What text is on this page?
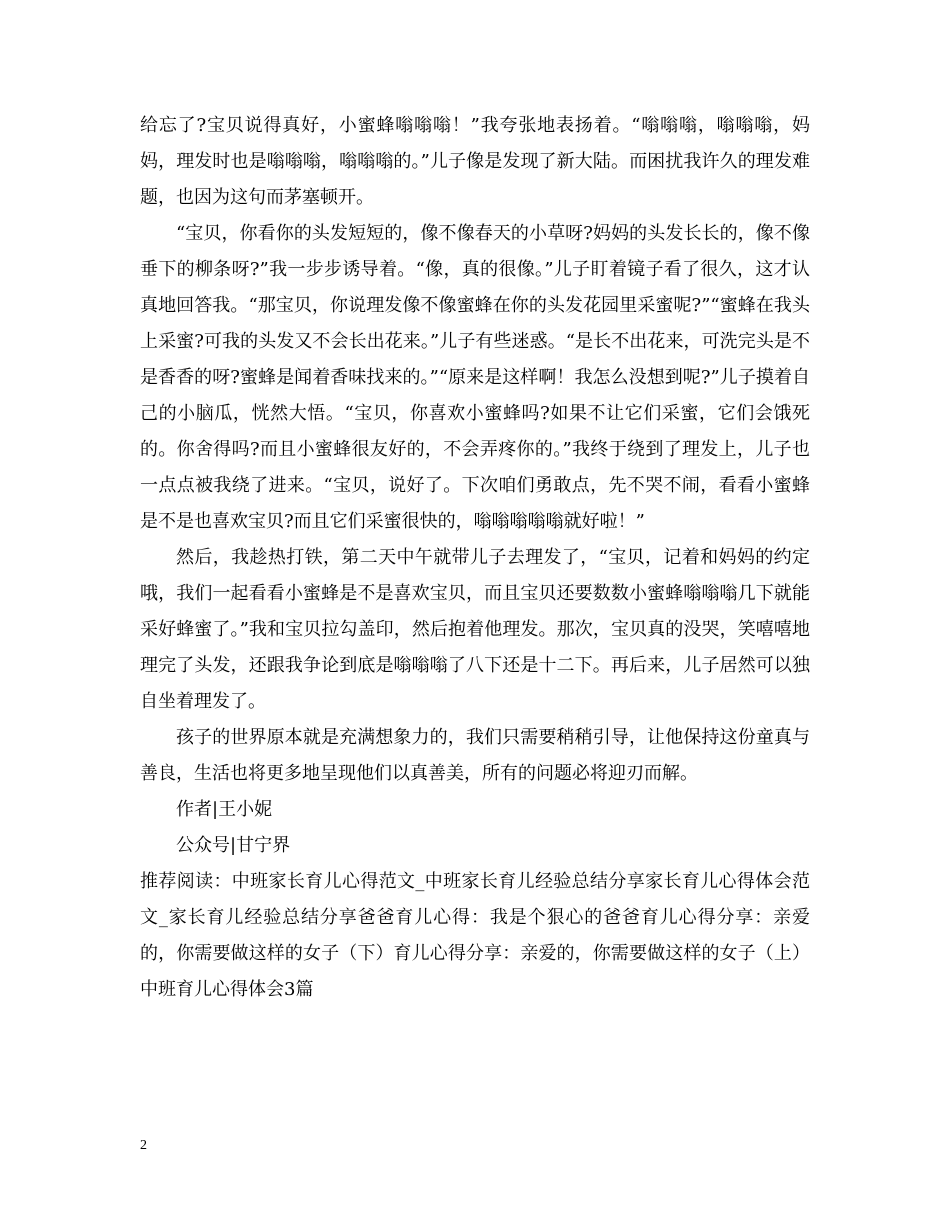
给忘了?宝贝说得真好，小蜜蜂嗡嗡嗡！”我夸张地表扬着。“嗡嗡嗡，嗡嗡嗡，妈妈，理发时也是嗡嗡嗡，嗡嗡嗡的。”儿子像是发现了新大陆。而困扰我许久的理发难题，也因为这句而茅塞顿开。

“宝贝，你看你的头发短短的，像不像春天的小草呀?妈妈的头发长长的，像不像垂下的柳条呀?”我一步步诱导着。“像，真的很像。”儿子盯着镜子看了很久，这才认真地回答我。“那宝贝，你说理发像不像蜜蜂在你的头发花园里采蜜呢?”“蜜蜂在我头上采蜜?可我的头发又不会长出花来。”儿子有些迷惑。“是长不出花来，可洗完头是不是香香的呀?蜜蜂是闻着香味找来的。”“原来是这样啊！我怎么没想到呢?”儿子摸着自己的小脑瓜，恍然大悟。“宝贝，你喜欢小蜜蜂吗?如果不让它们采蜜，它们会饿死的。你舍得吗?而且小蜜蜂很友好的，不会弄疼你的。”我终于绕到了理发上，儿子也一点点被我绕了进来。“宝贝，说好了。下次咱们勇敢点，先不哭不闹，看看小蜜蜂是不是也喜欢宝贝?而且它们采蜜很快的，嗡嗡嗡嗡嗡就好啦！”

然后，我趁热打铁，第二天中午就带儿子去理发了，“宝贝，记着和妈妈的约定哦，我们一起看看小蜜蜂是不是喜欢宝贝，而且宝贝还要数数小蜜蜂嗡嗡嗡几下就能采好蜂蜜了。”我和宝贝拉勾盖印，然后抱着他理发。那次，宝贝真的没哭，笑嘻嘻地理完了头发，还跟我争论到底是嗡嗡嗡了八下还是十二下。再后来，儿子居然可以独自坐着理发了。

孩子的世界原本就是充满想象力的，我们只需要稍稍引导，让他保持这份童真与善良，生活也将更多地呈现他们以真善美，所有的问题必将迎刃而解。

作者|王小妮

公众号|甘宁界

推荐阅读：中班家长育儿心得范文_中班家长育儿经验总结分享家长育儿心得体会范文_家长育儿经验总结分享爸爸育儿心得：我是个狠心的爸爸育儿心得分享：亲爱的，你需要做这样的女子（下）育儿心得分享：亲爱的，你需要做这样的女子（上）中班育儿心得体会3篇

2
